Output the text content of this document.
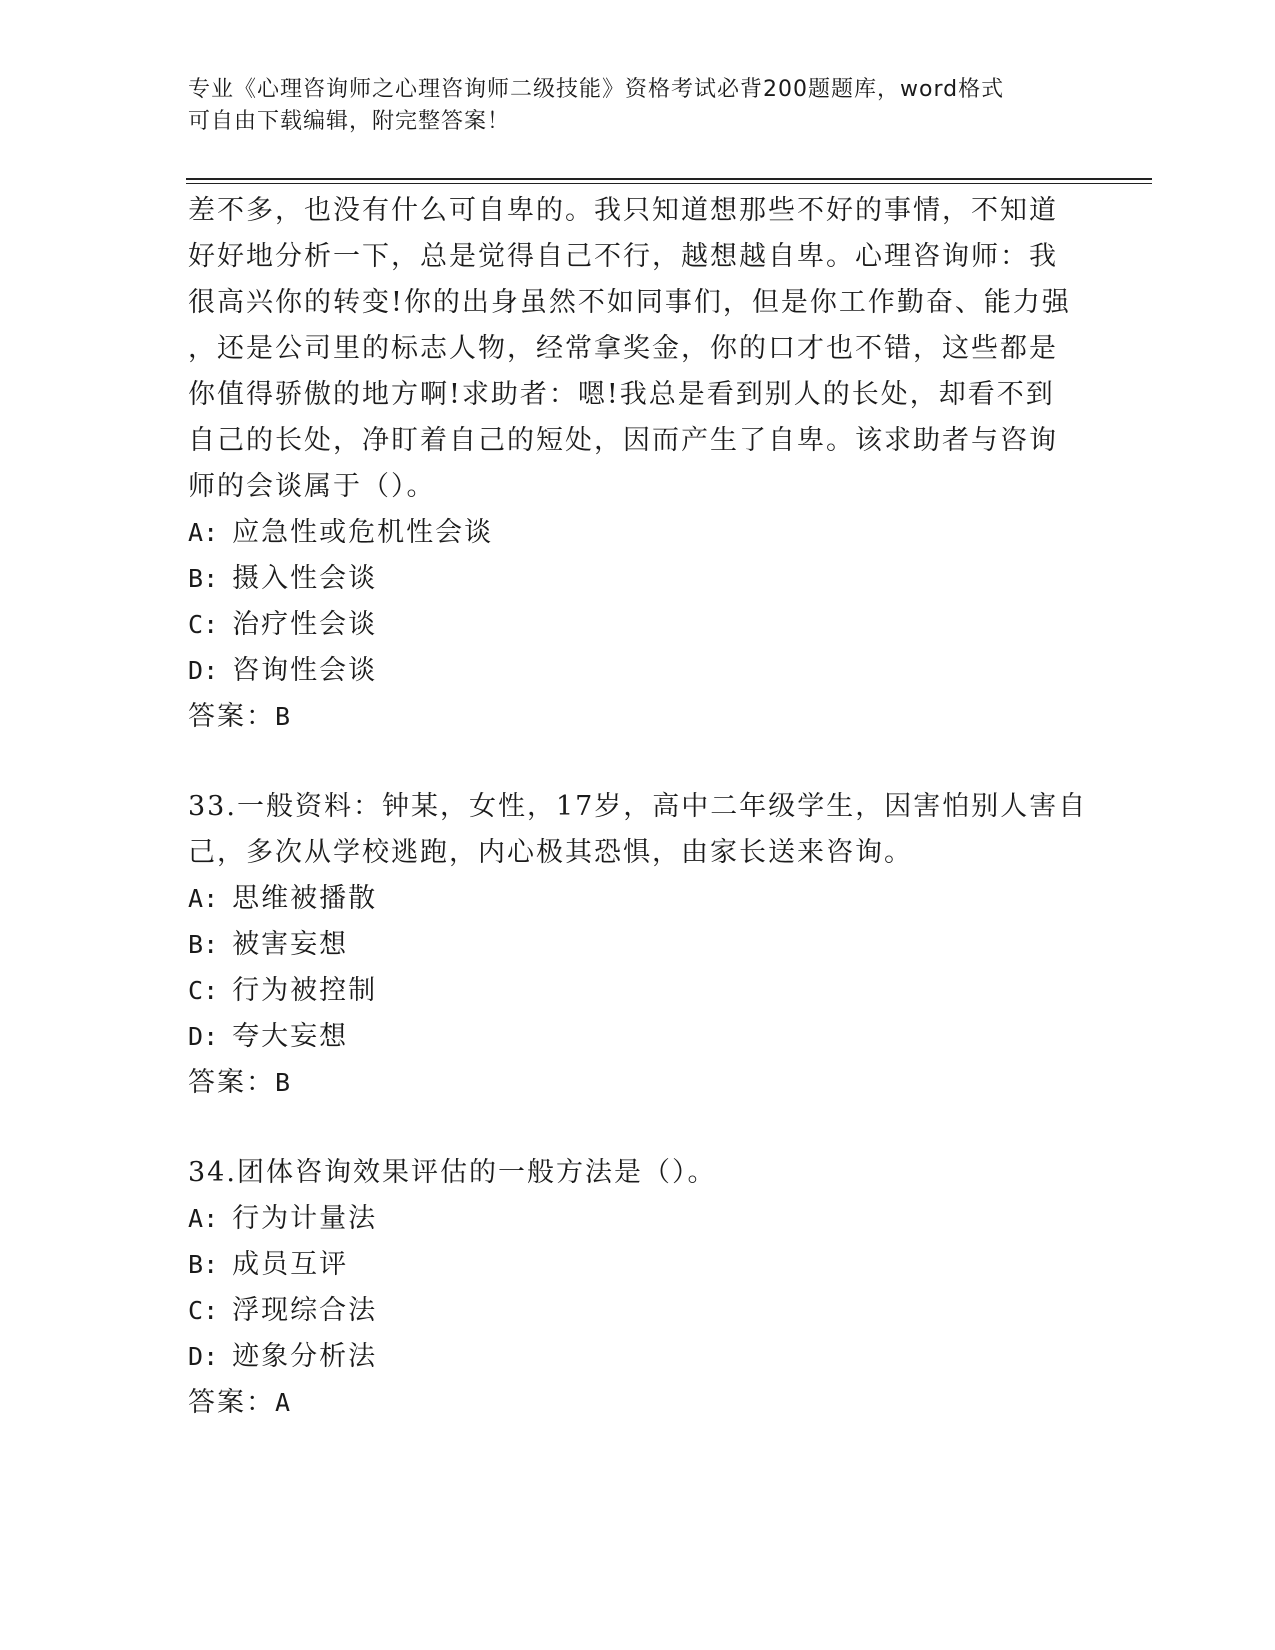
专业《心理咨询师之心理咨询师二级技能》资格考试必背200题题库，word格式
可自由下载编辑，附完整答案！
差不多，也没有什么可自卑的。我只知道想那些不好的事情，不知道
好好地分析一下，总是觉得自己不行，越想越自卑。心理咨询师：我
很高兴你的转变!你的出身虽然不如同事们，但是你工作勤奋、能力强
，还是公司里的标志人物，经常拿奖金，你的口才也不错，这些都是
你值得骄傲的地方啊!求助者：嗯!我总是看到别人的长处，却看不到
自己的长处，净盯着自己的短处，因而产生了自卑。该求助者与咨询
师的会谈属于（）。
A: 应急性或危机性会谈
B: 摄入性会谈
C: 治疗性会谈
D: 咨询性会谈
答案：B
33.一般资料：钟某，女性，17岁，高中二年级学生，因害怕别人害自
己，多次从学校逃跑，内心极其恐惧，由家长送来咨询。
A: 思维被播散
B: 被害妄想
C: 行为被控制
D: 夸大妄想
答案：B
34.团体咨询效果评估的一般方法是（）。
A: 行为计量法
B: 成员互评
C: 浮现综合法
D: 迹象分析法
答案：A
